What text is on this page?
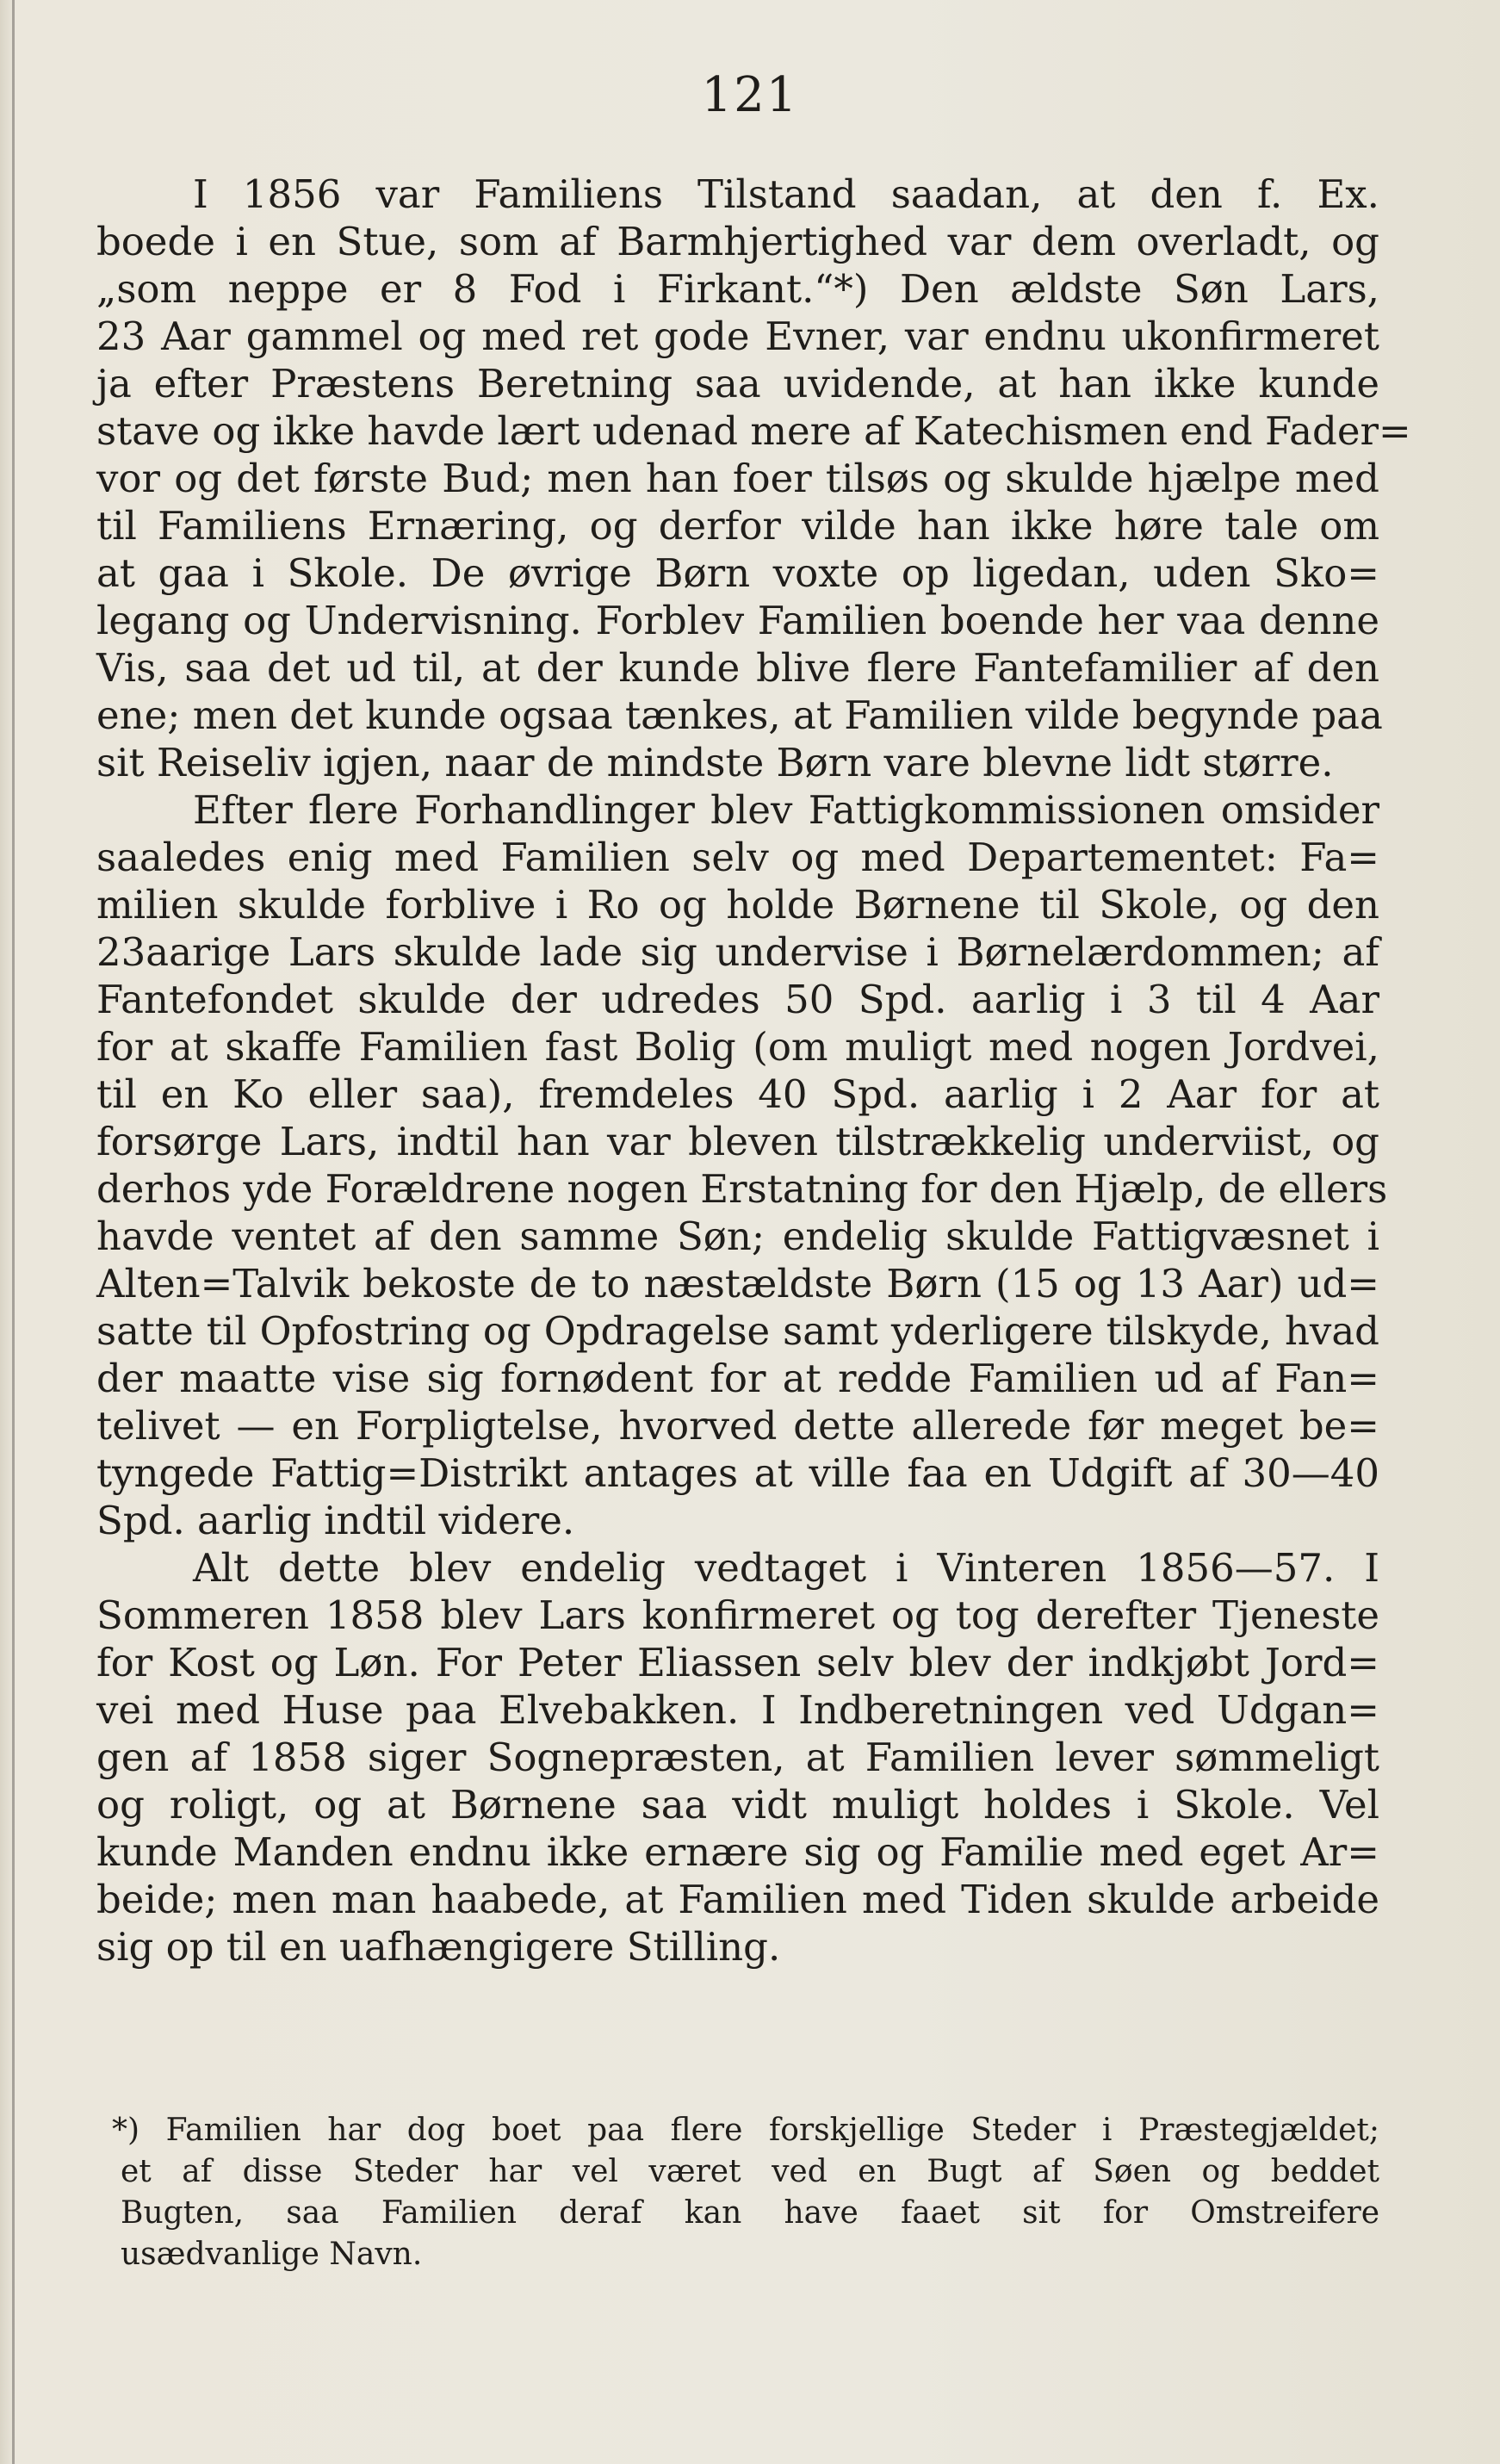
121
I 1856 var Familiens Tilstand saadan, at den f. Ex.
boede i en Stue, som af Barmhjertighed var dem overladt, og
„som neppe er 8 Fod i Firkant.“*) Den ældste Søn Lars,
23 Aar gammel og med ret gode Evner, var endnu ukonfirmeret
ja efter Præstens Beretning saa uvidende, at han ikke kunde
stave og ikke havde lært udenad mere af Katechismen end Fader=
vor og det første Bud; men han foer tilsøs og skulde hjælpe med
til Familiens Ernæring, og derfor vilde han ikke høre tale om
at gaa i Skole. De øvrige Børn voxte op ligedan, uden Sko=
legang og Undervisning. Forblev Familien boende her vaa denne
Vis, saa det ud til, at der kunde blive flere Fantefamilier af den
ene; men det kunde ogsaa tænkes, at Familien vilde begynde paa
sit Reiseliv igjen, naar de mindste Børn vare blevne lidt større.
Efter flere Forhandlinger blev Fattigkommissionen omsider
saaledes enig med Familien selv og med Departementet: Fa=
milien skulde forblive i Ro og holde Børnene til Skole, og den
23aarige Lars skulde lade sig undervise i Børnelærdommen; af
Fantefondet skulde der udredes 50 Spd. aarlig i 3 til 4 Aar
for at skaffe Familien fast Bolig (om muligt med nogen Jordvei,
til en Ko eller saa), fremdeles 40 Spd. aarlig i 2 Aar for at
forsørge Lars, indtil han var bleven tilstrækkelig underviist, og
derhos yde Forældrene nogen Erstatning for den Hjælp, de ellers
havde ventet af den samme Søn; endelig skulde Fattigvæsnet i
Alten=Talvik bekoste de to næstældste Børn (15 og 13 Aar) ud=
satte til Opfostring og Opdragelse samt yderligere tilskyde, hvad
der maatte vise sig fornødent for at redde Familien ud af Fan=
telivet — en Forpligtelse, hvorved dette allerede før meget be=
tyngede Fattig=Distrikt antages at ville faa en Udgift af 30—40
Spd. aarlig indtil videre.
Alt dette blev endelig vedtaget i Vinteren 1856—57. I
Sommeren 1858 blev Lars konfirmeret og tog derefter Tjeneste
for Kost og Løn. For Peter Eliassen selv blev der indkjøbt Jord=
vei med Huse paa Elvebakken. I Indberetningen ved Udgan=
gen af 1858 siger Sognepræsten, at Familien lever sømmeligt
og roligt, og at Børnene saa vidt muligt holdes i Skole. Vel
kunde Manden endnu ikke ernære sig og Familie med eget Ar=
beide; men man haabede, at Familien med Tiden skulde arbeide
sig op til en uafhængigere Stilling.
*) Familien har dog boet paa flere forskjellige Steder i Præstegjældet;
et af disse Steder har vel været ved en Bugt af Søen og beddet
Bugten, saa Familien deraf kan have faaet sit for Omstreifere
usædvanlige Navn.
